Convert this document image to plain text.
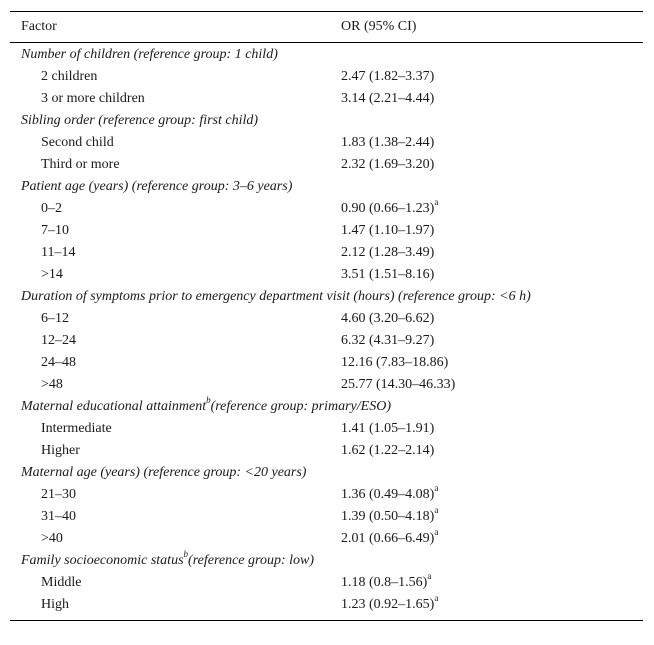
Factor	OR (95% CI)
Number of children (reference group: 1 child)
2 children	2.47 (1.82–3.37)
3 or more children	3.14 (2.21–4.44)
Sibling order (reference group: first child)
Second child	1.83 (1.38–2.44)
Third or more	2.32 (1.69–3.20)
Patient age (years) (reference group: 3–6 years)
0–2	0.90 $(0.66-1.23)^a$
7–10	1.47 (1.10–1.97)
11–14	2.12 (1.28–3.49)
>14	3.51 (1.51–8.16)
Duration of symptoms prior to emergency department visit (hours) (reference group: <6 h)
6–12	4.60 (3.20–6.62)
12–24	6.32 (4.31–9.27)
24–48	12.16 (7.83–18.86)
>48	25.77 (14.30–46.33)
Maternal educational attainment$^b$(reference group: primary/ESO)
Intermediate	1.41 (1.05–1.91)
Higher	1.62 (1.22–2.14)
Maternal age (years) (reference group: <20 years)
21–30	1.36 $(0.49-4.08)^a$
31–40	1.39 $(0.50-4.18)^a$
>40	2.01 $(0.66-6.49)^a$
Family socioeconomic status$^b$(reference group: low)
Middle	1.18 $(0.8-1.56)^a$
High	1.23 $(0.92-1.65)^a$
